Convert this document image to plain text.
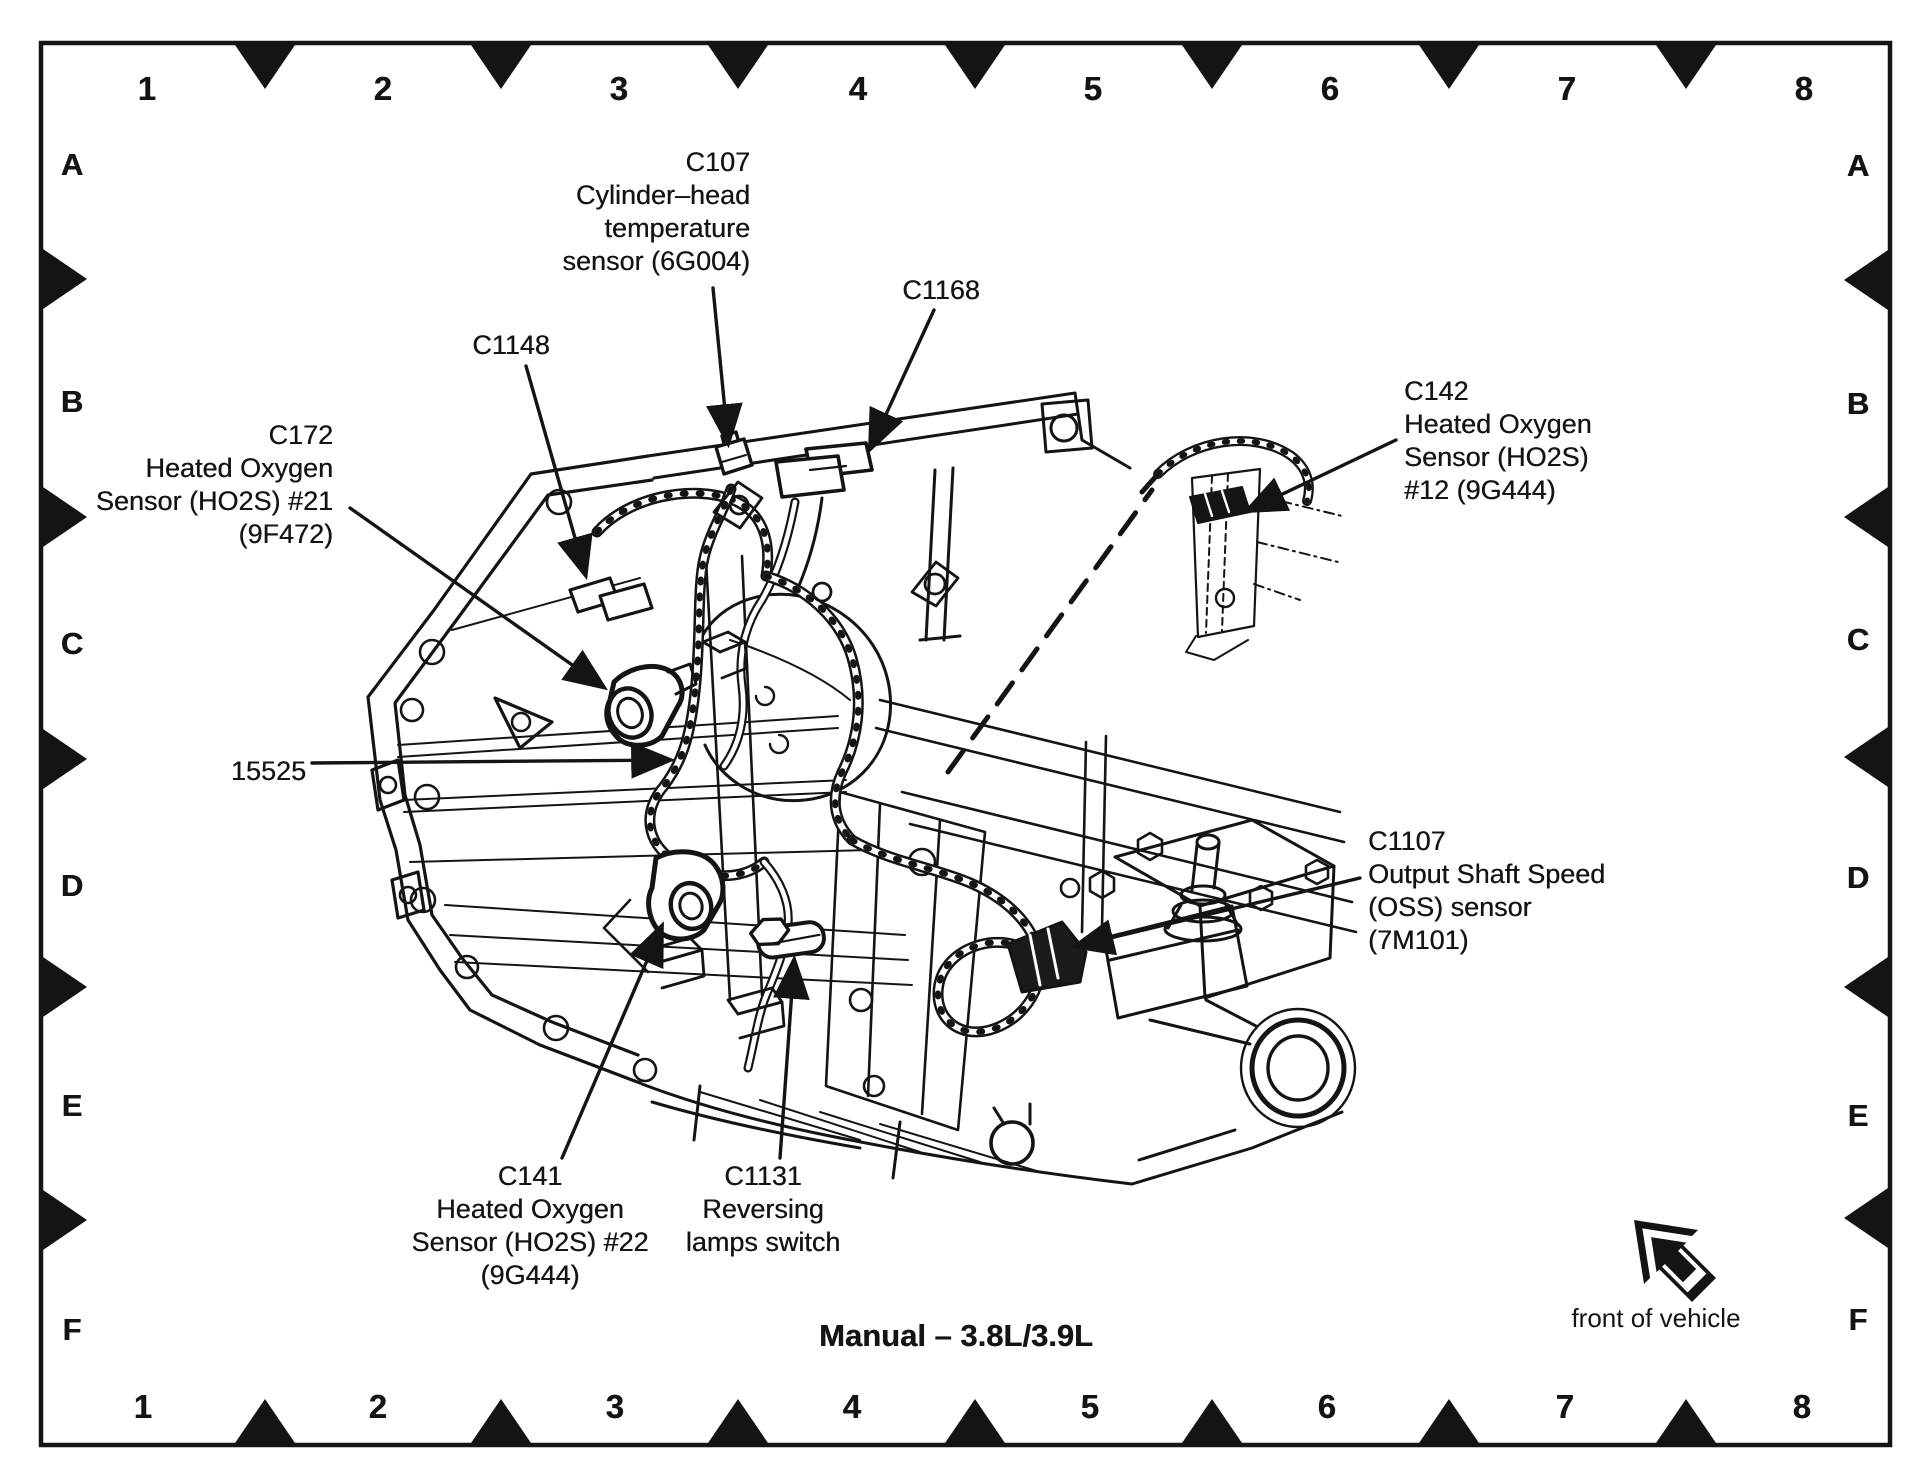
1	2	3	4	5	6	7	8
1	2	3	4	5	6	7	8
A
B
C
D
E
F
A
B
C
D
E
F
C107
Cylinder–head
temperature
sensor (6G004)
C1148
C1168
C172
Heated Oxygen
Sensor (HO2S) #21
(9F472)
C142
Heated Oxygen
Sensor (HO2S)
#12 (9G444)
15525
C1107
Output Shaft Speed
(OSS) sensor
(7M101)
C141
Heated Oxygen
Sensor (HO2S) #22
(9G444)
C1131
Reversing
lamps switch
Manual – 3.8L/3.9L	front of vehicle
